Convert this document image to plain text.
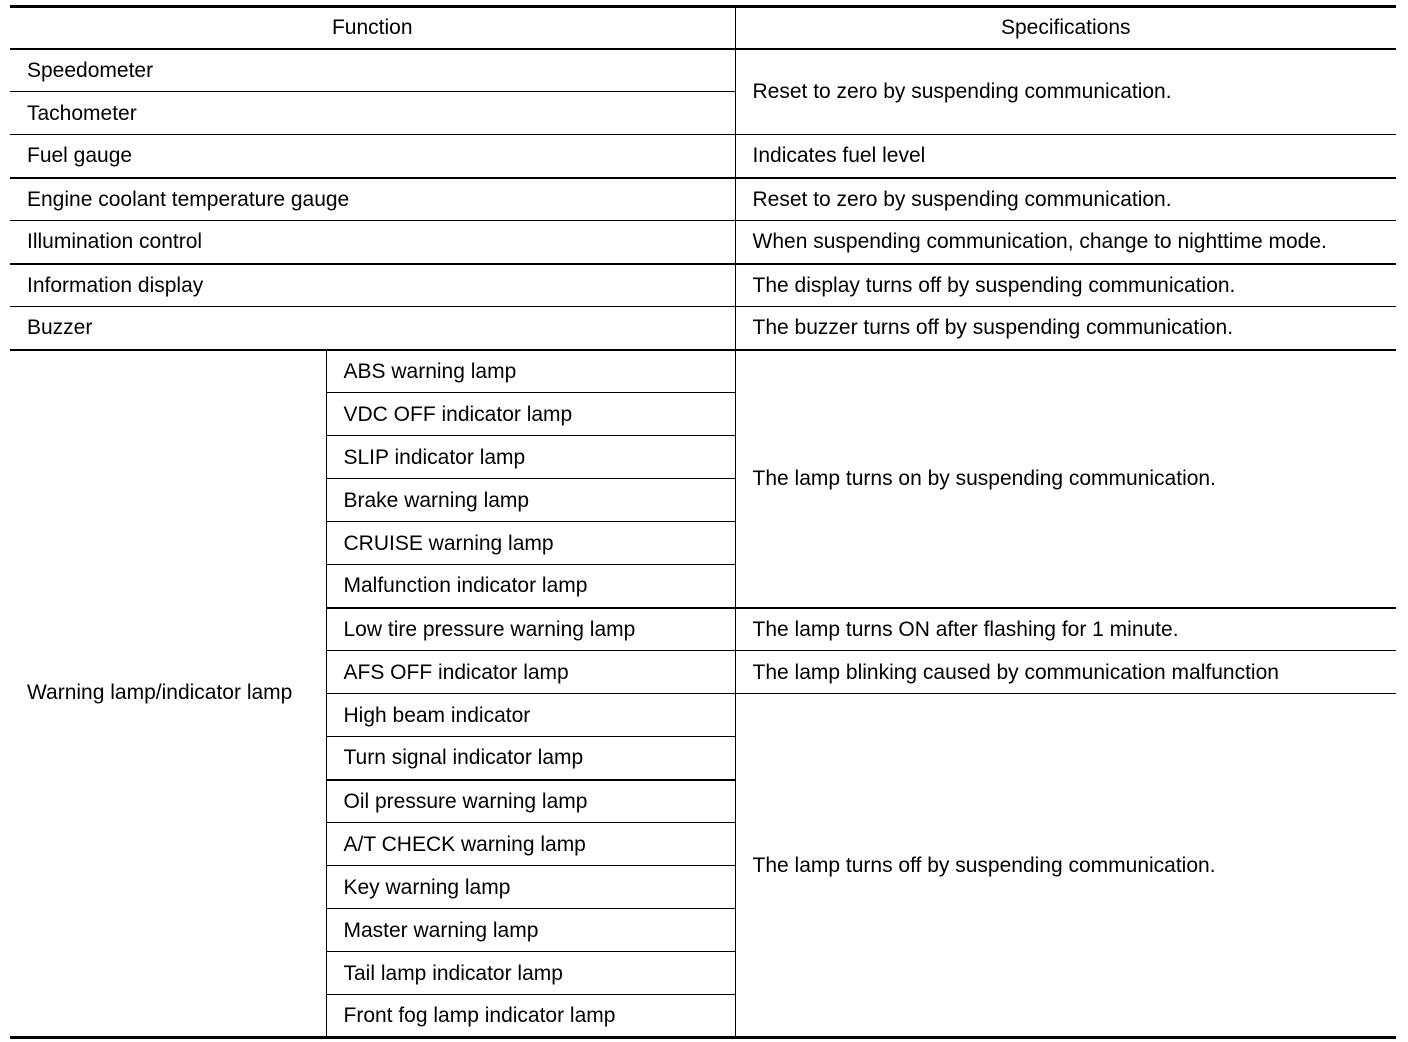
Function		Specifications
Speedometer		Reset to zero by suspending communication.
Tachometer		
Fuel gauge		Indicates fuel level
Engine coolant temperature gauge		Reset to zero by suspending communication.
Illumination control		When suspending communication, change to nighttime mode.
Information display		The display turns off by suspending communication.
Buzzer		The buzzer turns off by suspending communication.
Warning lamp/indicator lamp	ABS warning lamp	The lamp turns on by suspending communication.
	VDC OFF indicator lamp	
	SLIP indicator lamp	
	Brake warning lamp	
	CRUISE warning lamp	
	Malfunction indicator lamp	
	Low tire pressure warning lamp	The lamp turns ON after flashing for 1 minute.
	AFS OFF indicator lamp	The lamp blinking caused by communication malfunction
	High beam indicator	The lamp turns off by suspending communication.
	Turn signal indicator lamp	
	Oil pressure warning lamp	
	A/T CHECK warning lamp	
	Key warning lamp	
	Master warning lamp	
	Tail lamp indicator lamp	
	Front fog lamp indicator lamp	
